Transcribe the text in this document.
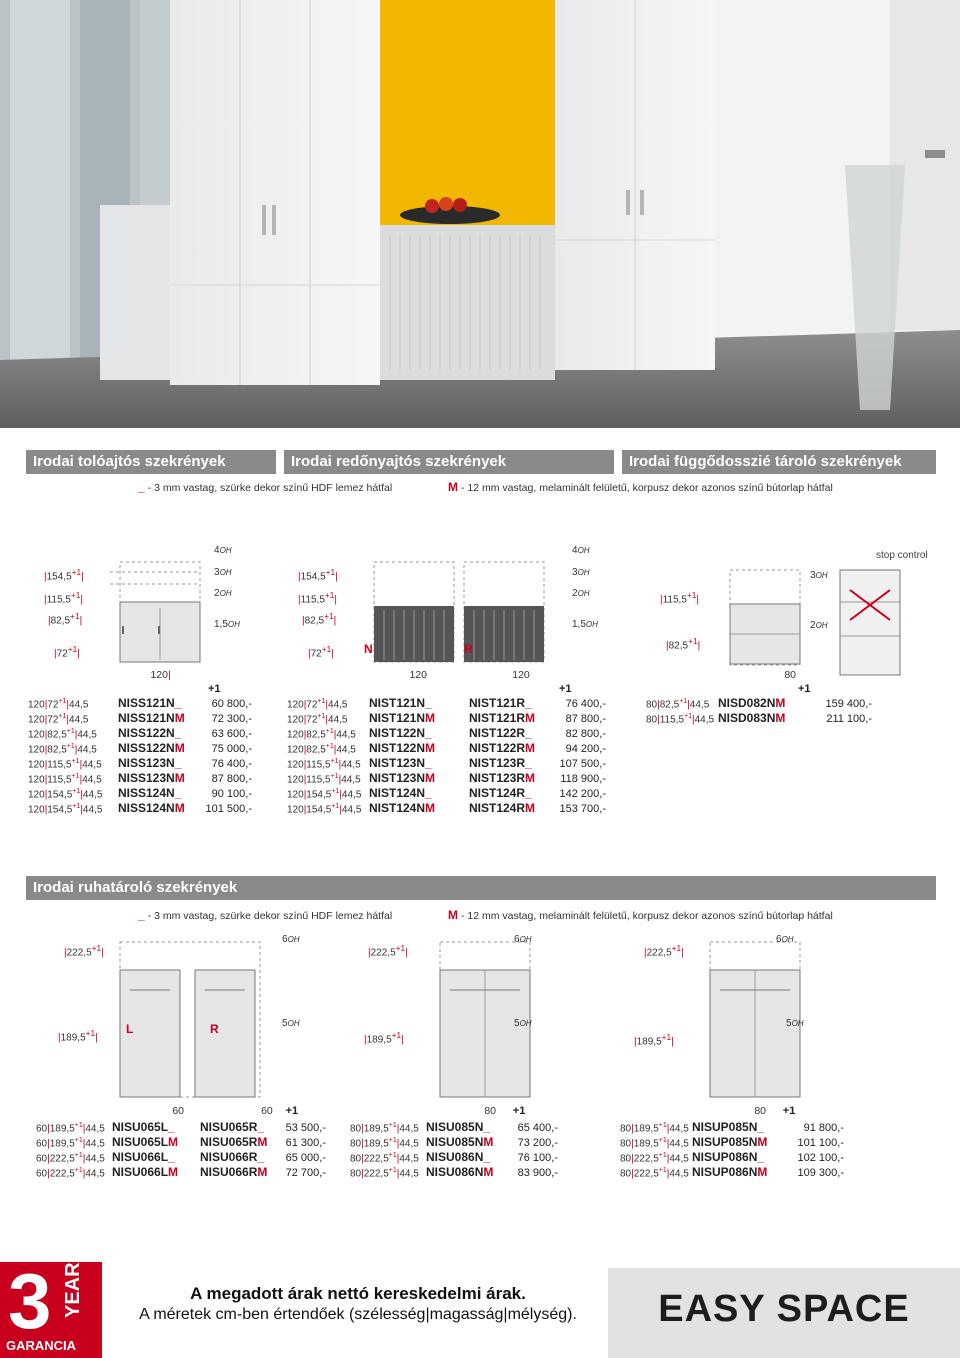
Irodai tolóajtós szekrények	Irodai redőnyajtós szekrények	Irodai függődosszié tároló szekrények
_ - 3 mm vastag, szürke dekor színű HDF lemez hátfal	M - 12 mm vastag, melaminált felületű, korpusz dekor azonos színű bútorlap hátfal
$|154,5^{+1}|$
$|115,5^{+1}|$
$|82,5^{+1}|$
$|72^{+1}|$
4OH
3OH
2OH
1,5OH
$|154,5^{+1}|$
$|115,5^{+1}|$
$|82,5^{+1}|$
$|72^{+1}|$	N	R
4OH
3OH
2OH
1,5OH
stop control
$|115,5^{+1}|$
$|82,5^{+1}|$
3OH
2OH
120|
+1
$120|72^{+1}|44,5$ NISS121N_	60 800,-
$120|72^{+1}|44,5$ NISS121NM 72 300,-
$120|82,5^{+1}|44,5$ NISS122N_	63 600,-
$120|82,5^{+1}|44,5$ NISS122NM 75 000,-
$120|115,5^{+1}|44,5$ NISS123N_	76 400,-
$120|115,5^{+1}|44,5$ NISS123NM 87 800,-
$120|154,5^{+1}|44,5$ NISS124N_	90 100,-
$120|154,5^{+1}|44,5$ NISS124NM 101 500,-
120	120
+1
$120|72^{+1}|44,5$ NIST121N_	NIST121R_	76 400,-
$120|72^{+1}|44,5$ NIST121NM	NIST121RM	87 800,-
$120|82,5^{+1}|44,5$ NIST122N_	NIST122R_	82 800,-
$120|82,5^{+1}|44,5$ NIST122NM	NIST122RM	94 200,-
$120|115,5^{+1}|44,5$ NIST123N_	NIST123R_	107 500,-
$120|115,5^{+1}|44,5$ NIST123NM	NIST123RM 118 900,-
$120|154,5^{+1}|44,5$ NIST124N_	NIST124R_	142 200,-
$120|154,5^{+1}|44,5$ NIST124NM	NIST124RM 153 700,-
80
+1
$80|82,5^{+1}|44,5$ NISD082NM	159 400,-
$80|115,5^{+1}|44,5$ NISD083NM	211 100,-
Irodai ruhatároló szekrények
_ - 3 mm vastag, szürke dekor színű HDF lemez hátfal	M - 12 mm vastag, melaminált felületű, korpusz dekor azonos színű bútorlap hátfal
$|222,5^{+1}|$
$|189,5^{+1}|$
L	R
6OH
5OH
$|222,5^{+1}|$
$|189,5^{+1}|$
6OH
5OH
$|222,5^{+1}|$
$|189,5^{+1}|$
6OH
5OH
60	60 +1
$60|189,5^{+1}|44,5$ NISU065L_ NISU065R_ 53 500,-
$60|189,5^{+1}|44,5$ NISU065LM NISU065RM 61 300,-
$60|222,5^{+1}|44,5$ NISU066L_ NISU066R_ 65 000,-
$60|222,5^{+1}|44,5$ NISU066LM NISU066RM 72 700,-
80 +1
$80|189,5^{+1}|44,5$ NISU085N_	65 400,-
$80|189,5^{+1}|44,5$ NISU085NM 73 200,-
$80|222,5^{+1}|44,5$ NISU086N_	76 100,-
$80|222,5^{+1}|44,5$ NISU086NM 83 900,-
80 +1
$80|189,5^{+1}|44,5$ NISUP085N_	91 800,-
$80|189,5^{+1}|44,5$ NISUP085NM	101 100,-
$80|222,5^{+1}|44,5$ NISUP086N_	102 100,-
$80|222,5^{+1}|44,5$ NISUP086NM	109 300,-
3 YEAR
GARANCIA
A megadott árak nettó kereskedelmi árak.
A méretek cm-ben értendőek (szélesség|magasság|mélység).	EASY SPACE
